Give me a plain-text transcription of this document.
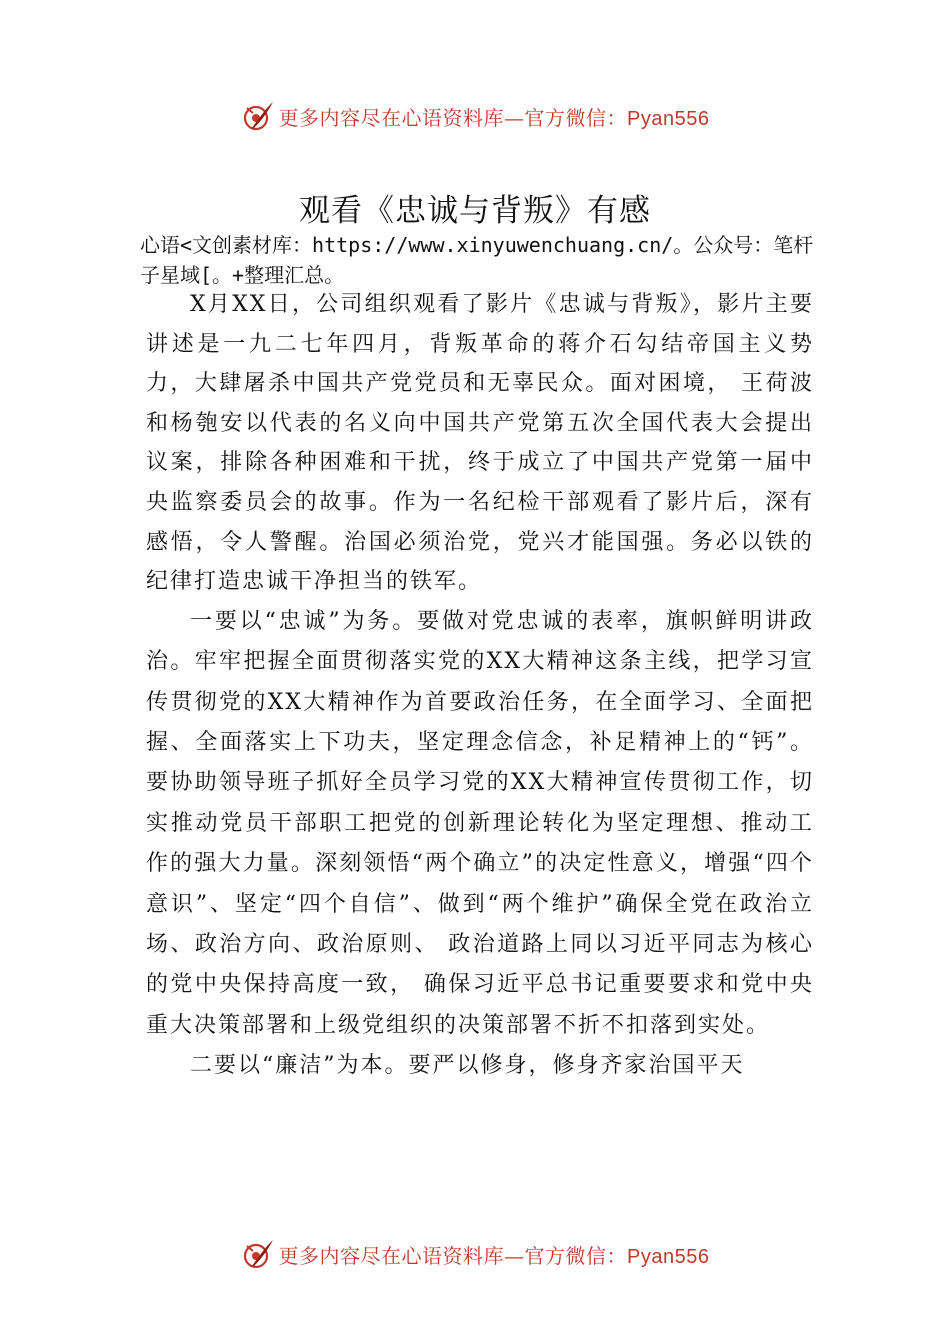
更多内容尽在心语资料库—官方微信：Pyan556
观看《忠诚与背叛》有感
心语<文创素材库：https://www.xinyuwenchuang.cn/。公众号：笔杆子星域[。+整理汇总。

X月XX日，公司组织观看了影片《忠诚与背叛》，影片主要讲述是一九二七年四月，背叛革命的蒋介石勾结帝国主义势力，大肆屠杀中国共产党党员和无辜民众。面对困境， 王荷波和杨匏安以代表的名义向中国共产党第五次全国代表大会提出议案，排除各种困难和干扰，终于成立了中国共产党第一届中央监察委员会的故事。作为一名纪检干部观看了影片后，深有感悟，令人警醒。治国必须治党，党兴才能国强。务必以铁的纪律打造忠诚干净担当的铁军。

一要以“忠诚”为务。要做对党忠诚的表率，旗帜鲜明讲政治。牢牢把握全面贯彻落实党的XX大精神这条主线，把学习宣传贯彻党的XX大精神作为首要政治任务，在全面学习、全面把握、全面落实上下功夫，坚定理念信念，补足精神上的“钙”。要协助领导班子抓好全员学习党的XX大精神宣传贯彻工作，切实推动党员干部职工把党的创新理论转化为坚定理想、推动工作的强大力量。深刻领悟“两个确立”的决定性意义，增强“四个意识”、坚定“四个自信”、做到“两个维护”确保全党在政治立场、政治方向、政治原则、 政治道路上同以习近平同志为核心的党中央保持高度一致， 确保习近平总书记重要要求和党中央重大决策部署和上级党组织的决策部署不折不扣落到实处。

二要以“廉洁”为本。要严以修身，修身齐家治国平天

更多内容尽在心语资料库—官方微信：Pyan556
